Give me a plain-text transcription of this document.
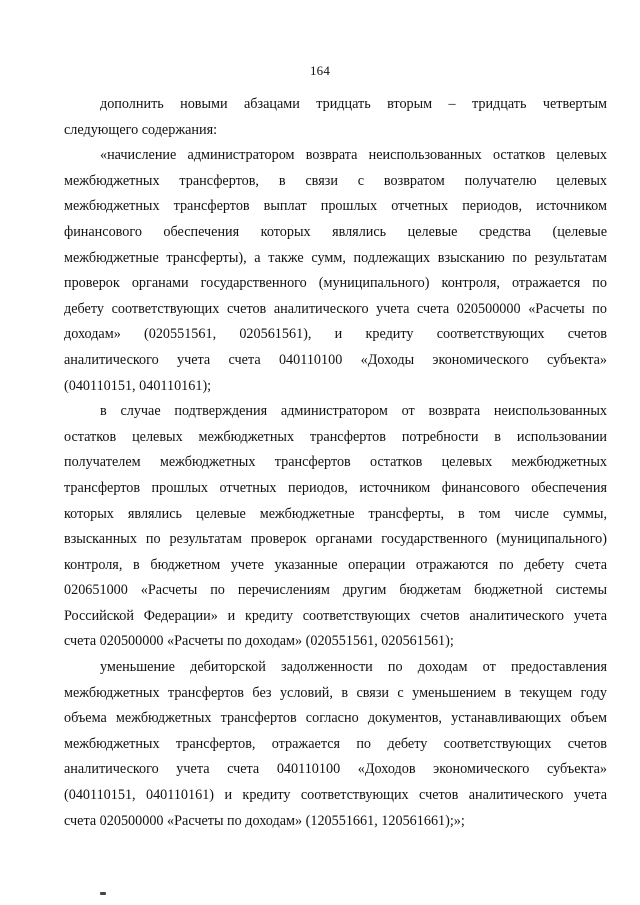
164
дополнить новыми абзацами тридцать вторым – тридцать четвертым
следующего содержания:
«начисление администратором возврата неиспользованных остатков целевых
межбюджетных трансфертов, в связи с возвратом получателю целевых
межбюджетных трансфертов выплат прошлых отчетных периодов, источником
финансового обеспечения которых являлись целевые средства (целевые
межбюджетные трансферты), а также сумм, подлежащих взысканию по результатам
проверок органами государственного (муниципального) контроля, отражается по
дебету соответствующих счетов аналитического учета счета 020500000 «Расчеты по
доходам» (020551561, 020561561), и кредиту соответствующих счетов
аналитического учета счета 040110100 «Доходы экономического субъекта»
(040110151, 040110161);
в случае подтверждения администратором от возврата неиспользованных
остатков целевых межбюджетных трансфертов потребности в использовании
получателем межбюджетных трансфертов остатков целевых межбюджетных
трансфертов прошлых отчетных периодов, источником финансового обеспечения
которых являлись целевые межбюджетные трансферты, в том числе суммы,
взысканных по результатам проверок органами государственного (муниципального)
контроля, в бюджетном учете указанные операции отражаются по дебету счета
020651000 «Расчеты по перечислениям другим бюджетам бюджетной системы
Российской Федерации» и кредиту соответствующих счетов аналитического учета
счета 020500000 «Расчеты по доходам» (020551561, 020561561);
уменьшение дебиторской задолженности по доходам от предоставления
межбюджетных трансфертов без условий, в связи с уменьшением в текущем году
объема межбюджетных трансфертов согласно документов, устанавливающих объем
межбюджетных трансфертов, отражается по дебету соответствующих счетов
аналитического учета счета 040110100 «Доходов экономического субъекта»
(040110151, 040110161) и кредиту соответствующих счетов аналитического учета
счета 020500000 «Расчеты по доходам» (120551661, 120561661);»;
